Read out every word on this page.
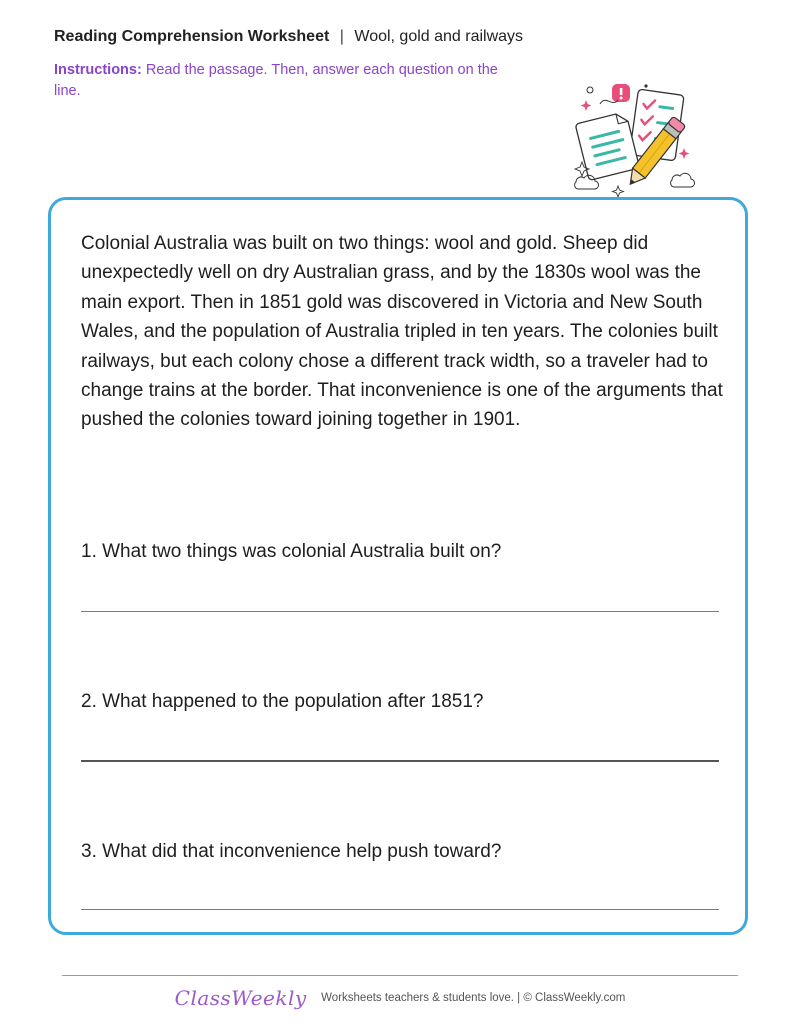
Reading Comprehension Worksheet | Wool, gold and railways
Instructions: Read the passage. Then, answer each question on the line.

Colonial Australia was built on two things: wool and gold. Sheep did unexpectedly well on dry Australian grass, and by the 1830s wool was the main export. Then in 1851 gold was discovered in Victoria and New South Wales, and the population of Australia tripled in ten years. The colonies built railways, but each colony chose a different track width, so a traveler had to change trains at the border. That inconvenience is one of the arguments that pushed the colonies toward joining together in 1901.

1. What two things was colonial Australia built on?

2. What happened to the population after 1851?

3. What did that inconvenience help push toward?

ClassWeekly Worksheets teachers & students love. | © ClassWeekly.com
